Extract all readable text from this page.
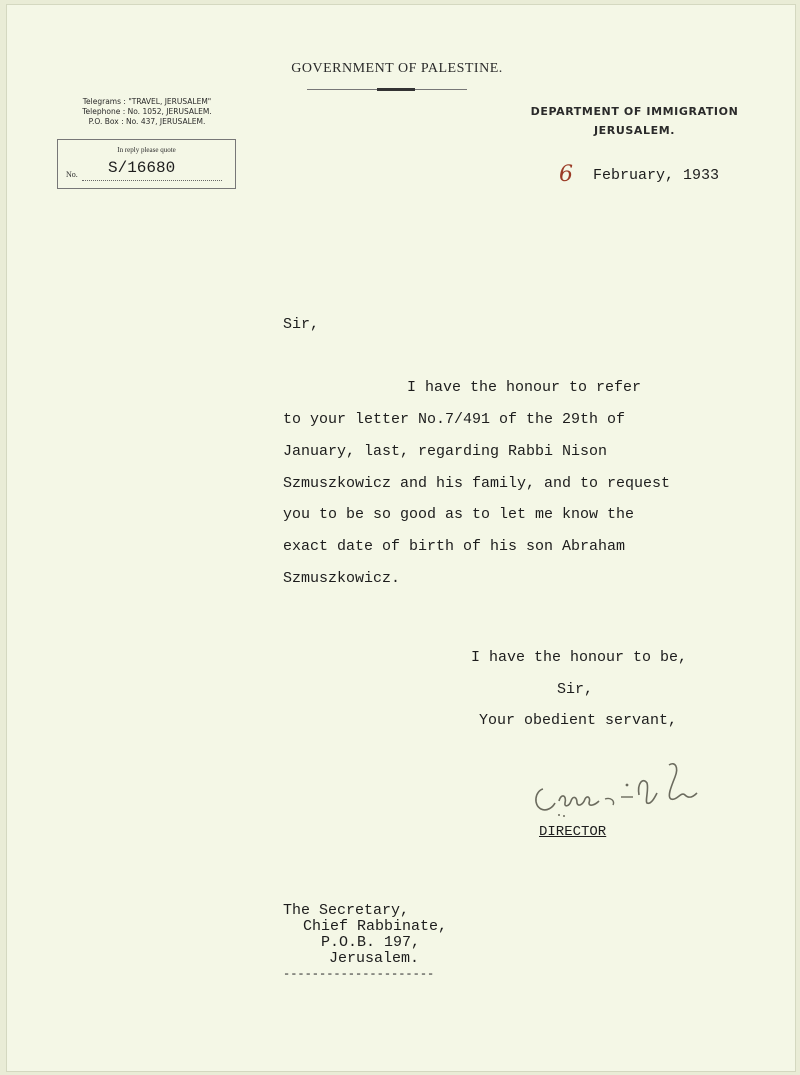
GOVERNMENT OF PALESTINE.
Telegrams : "TRAVEL, JERUSALEM"
Telephone : No. 1052, JERUSALEM.
P.O. Box : No. 437, JERUSALEM.
In reply please quote
No. S/16680
DEPARTMENT OF IMMIGRATION
JERUSALEM.
6 February, 1933
Sir,
I have the honour to refer
to your letter No.7/491 of the 29th of
January, last, regarding Rabbi Nison
Szmuszkowicz and his family, and to request
you to be so good as to let me know the
exact date of birth of his son Abraham
Szmuszkowicz.
I have the honour to be,
Sir,
Your obedient servant,
DIRECTOR
The Secretary,
Chief Rabbinate,
P.O.B. 197,
Jerusalem.
---------------------
